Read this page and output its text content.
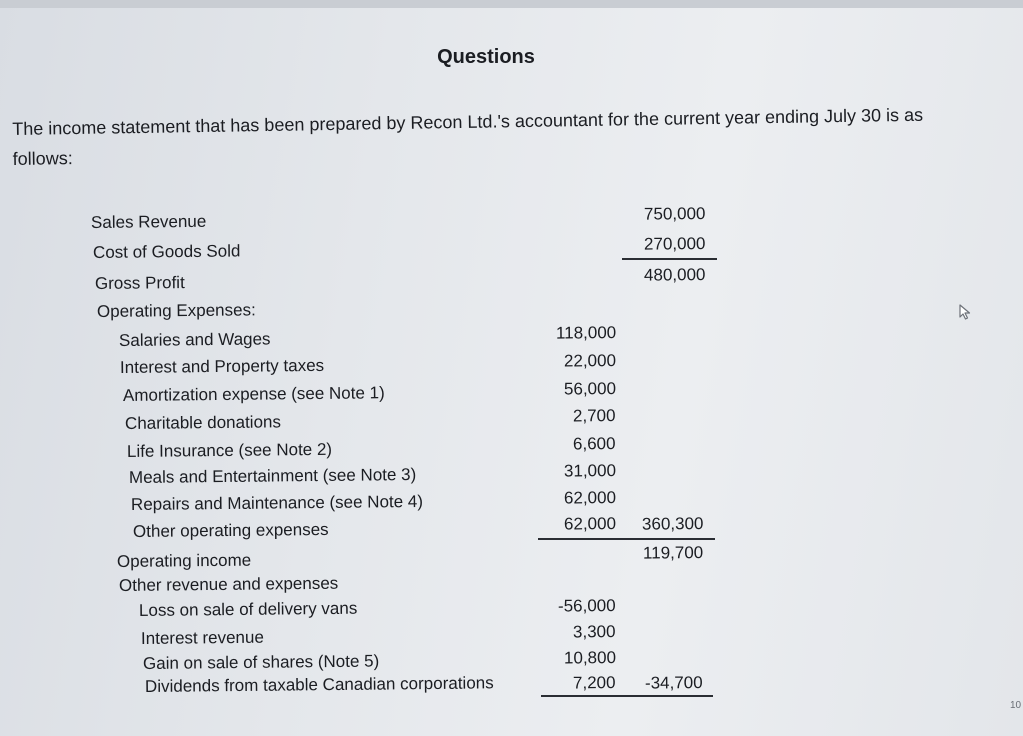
Questions
The income statement that has been prepared by Recon Ltd.'s accountant for the current year ending July 30 is as follows:
Sales Revenue	750,000
Cost of Goods Sold	270,000
Gross Profit	480,000
Operating Expenses:
Salaries and Wages	118,000
Interest and Property taxes	22,000
Amortization expense (see Note 1)	56,000
Charitable donations	2,700
Life Insurance (see Note 2)	6,600
Meals and Entertainment (see Note 3)	31,000
Repairs and Maintenance (see Note 4)	62,000
Other operating expenses	62,000 360,300
Operating income	119,700
Other revenue and expenses
Loss on sale of delivery vans	-56,000
Interest revenue	3,300
Gain on sale of shares (Note 5)	10,800
Dividends from taxable Canadian corporations	7,200 -34,700
10
